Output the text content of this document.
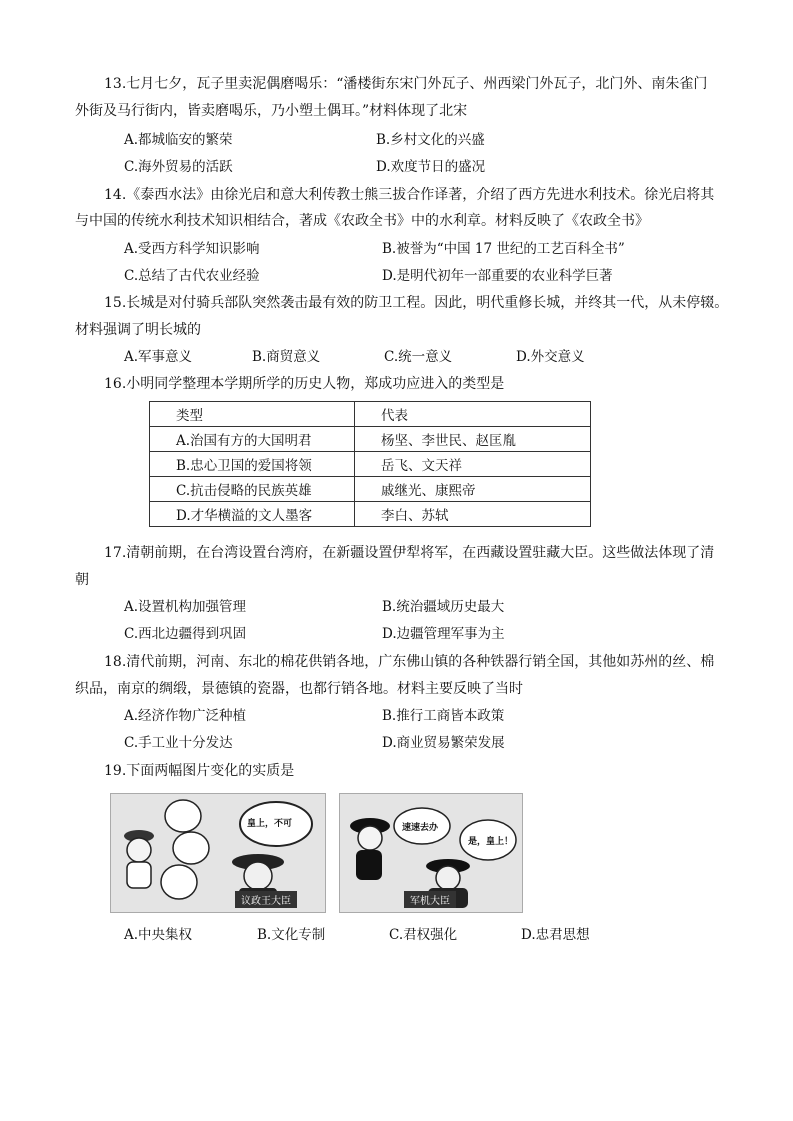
13.七月七夕，瓦子里卖泥偶磨喝乐：“潘楼街东宋门外瓦子、州西梁门外瓦子，北门外、南朱雀门
外街及马行街内，皆卖磨喝乐，乃小塑土偶耳。”材料体现了北宋
A.都城临安的繁荣	B.乡村文化的兴盛
C.海外贸易的活跃	D.欢度节日的盛况
14.《泰西水法》由徐光启和意大利传教士熊三拔合作译著，介绍了西方先进水利技术。徐光启将其
与中国的传统水利技术知识相结合，著成《农政全书》中的水利章。材料反映了《农政全书》
A.受西方科学知识影响	B.被誉为“中国 17 世纪的工艺百科全书”
C.总结了古代农业经验	D.是明代初年一部重要的农业科学巨著
15.长城是对付骑兵部队突然袭击最有效的防卫工程。因此，明代重修长城，并终其一代，从未停辍。
材料强调了明长城的
A.军事意义	B.商贸意义	C.统一意义	D.外交意义
16.小明同学整理本学期所学的历史人物，郑成功应进入的类型是
类型	代表
A.治国有方的大国明君	杨坚、李世民、赵匡胤
B.忠心卫国的爱国将领	岳飞、文天祥
C.抗击侵略的民族英雄	戚继光、康熙帝
D.才华横溢的文人墨客	李白、苏轼
17.清朝前期，在台湾设置台湾府，在新疆设置伊犁将军，在西藏设置驻藏大臣。这些做法体现了清
朝
A.设置机构加强管理	B.统治疆域历史最大
C.西北边疆得到巩固	D.边疆管理军事为主
18.清代前期，河南、东北的棉花供销各地，广东佛山镇的各种铁器行销全国，其他如苏州的丝、棉
织品，南京的绸缎，景德镇的瓷器，也都行销各地。材料主要反映了当时
A.经济作物广泛种植	B.推行工商皆本政策
C.手工业十分发达	D.商业贸易繁荣发展
19.下面两幅图片变化的实质是
皇上，不可
议政王大臣
速速去办
是，皇上！
军机大臣
A.中央集权	B.文化专制	C.君权强化	D.忠君思想
